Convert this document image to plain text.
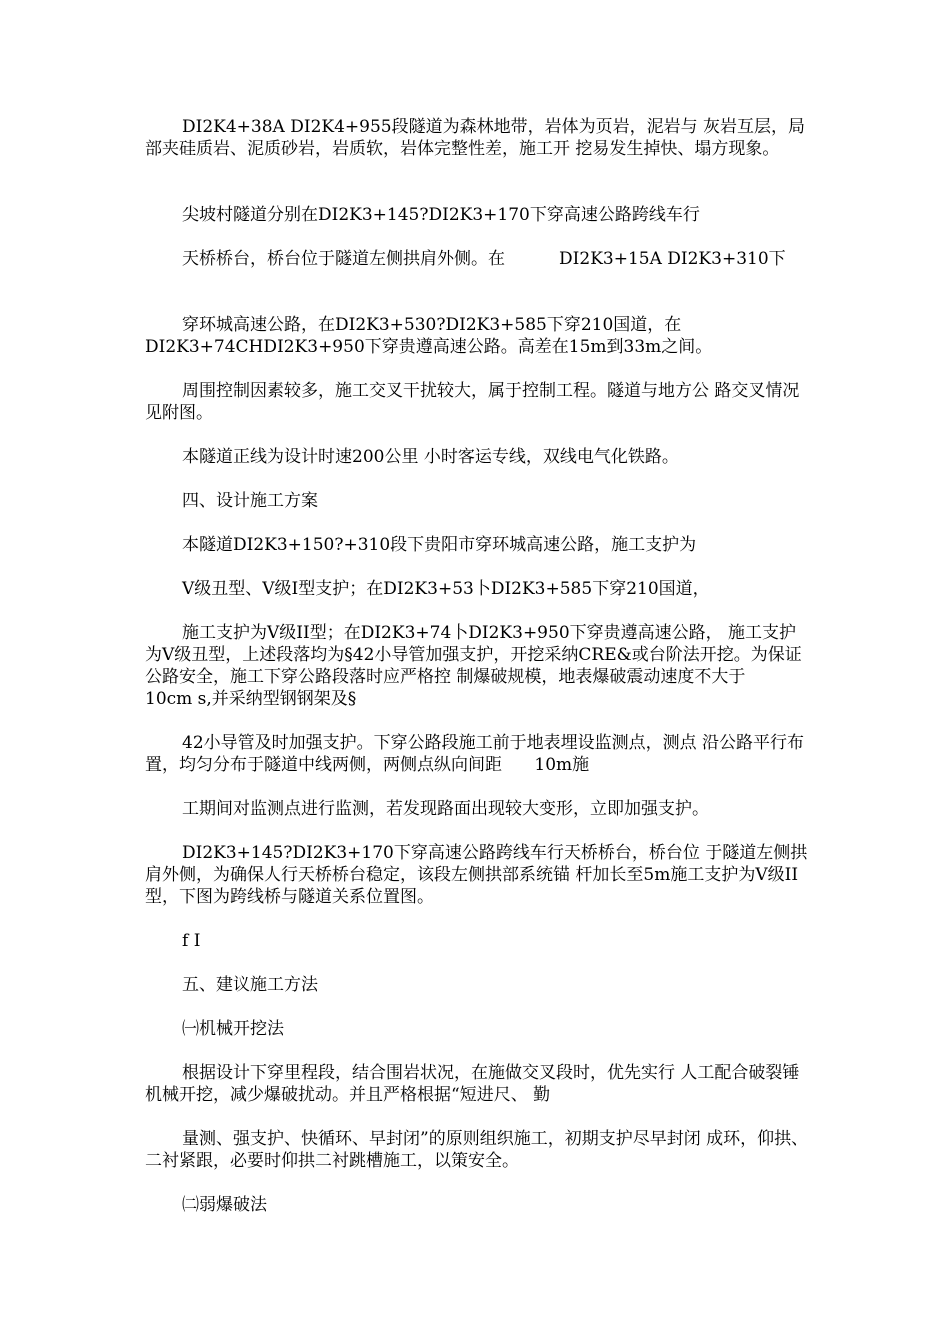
DI2K4+38A DI2K4+955段隧道为森林地带，岩体为页岩，泥岩与 灰岩互层，局部夹硅质岩、泥质砂岩，岩质软，岩体完整性差，施工开 挖易发生掉快、塌方现象。

尖坡村隧道分别在DI2K3+145?DI2K3+170下穿高速公路跨线车行

天桥桥台，桥台位于隧道左侧拱肩外侧。在          DI2K3+15A DI2K3+310下

穿环城高速公路，在DI2K3+530?DI2K3+585下穿210国道，在DI2K3+74CHDI2K3+950下穿贵遵高速公路。高差在15m到33m之间。

周围控制因素较多，施工交叉干扰较大，属于控制工程。隧道与地方公 路交叉情况见附图。

本隧道正线为设计时速200公里 小时客运专线，双线电气化铁路。

四、设计施工方案

本隧道DI2K3+150?+310段下贵阳市穿环城高速公路，施工支护为

V级丑型、V级I型支护；在DI2K3+53卜DI2K3+585下穿210国道，

施工支护为V级II型；在DI2K3+74卜DI2K3+950下穿贵遵高速公路， 施工支护为V级丑型，上述段落均为§42小导管加强支护，开挖采纳CRE&或台阶法开挖。为保证公路安全，施工下穿公路段落时应严格控 制爆破规模，地表爆破震动速度不大于          10cm s,并采纳型钢钢架及§

42小导管及时加强支护。下穿公路段施工前于地表埋设监测点，测点 沿公路平行布置，均匀分布于隧道中线两侧，两侧点纵向间距      10m施

工期间对监测点进行监测，若发现路面出现较大变形，立即加强支护。

DI2K3+145?DI2K3+170下穿高速公路跨线车行天桥桥台，桥台位 于隧道左侧拱肩外侧，为确保人行天桥桥台稳定，该段左侧拱部系统锚 杆加长至5m施工支护为V级II型，下图为跨线桥与隧道关系位置图。

f I

五、建议施工方法

㈠机械开挖法

根据设计下穿里程段，结合围岩状况，在施做交叉段时，优先实行 人工配合破裂锤机械开挖，减少爆破扰动。并且严格根据“短进尺、 勤

量测、强支护、快循环、早封闭”的原则组织施工，初期支护尽早封闭 成环，仰拱、二衬紧跟，必要时仰拱二衬跳槽施工，以策安全。

㈡弱爆破法
